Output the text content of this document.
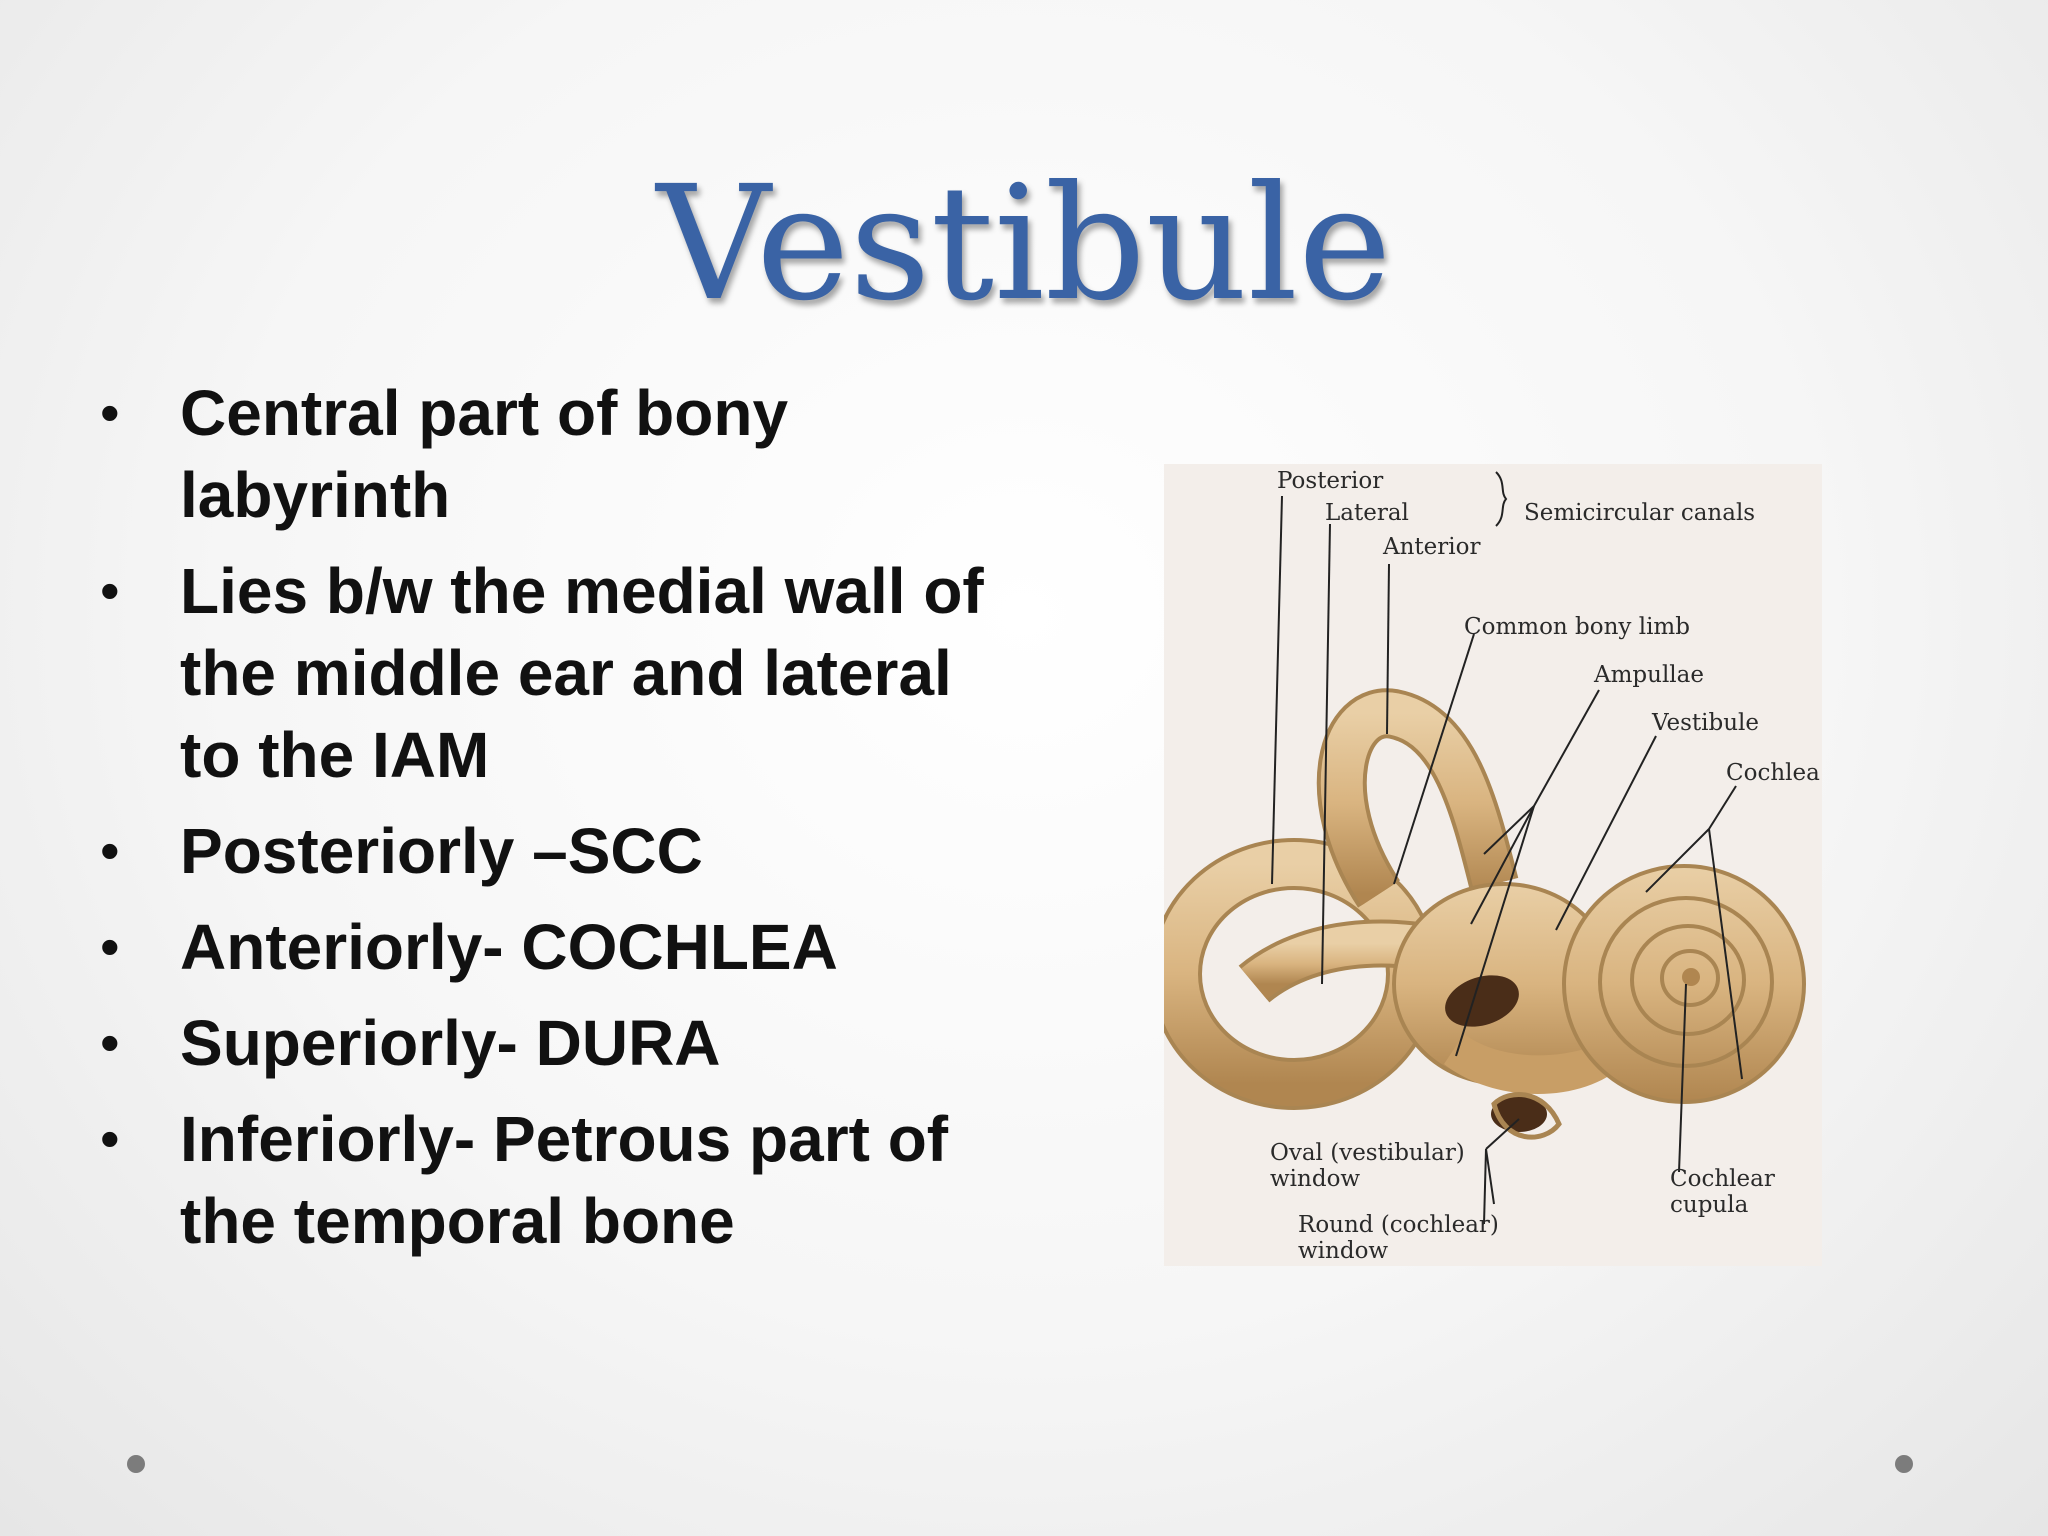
Vestibule
• Central part of bony labyrinth
• Lies b/w the medial wall of the middle ear and lateral to the IAM
• Posteriorly –SCC
• Anteriorly- COCHLEA
• Superiorly- DURA
• Inferiorly- Petrous part of the temporal bone
Posterior
Lateral
Anterior
Semicircular canals
Common bony limb
Ampullae
Vestibule
Cochlea
Oval (vestibular)
window
Round (cochlear)
window
Cochlear
cupula
